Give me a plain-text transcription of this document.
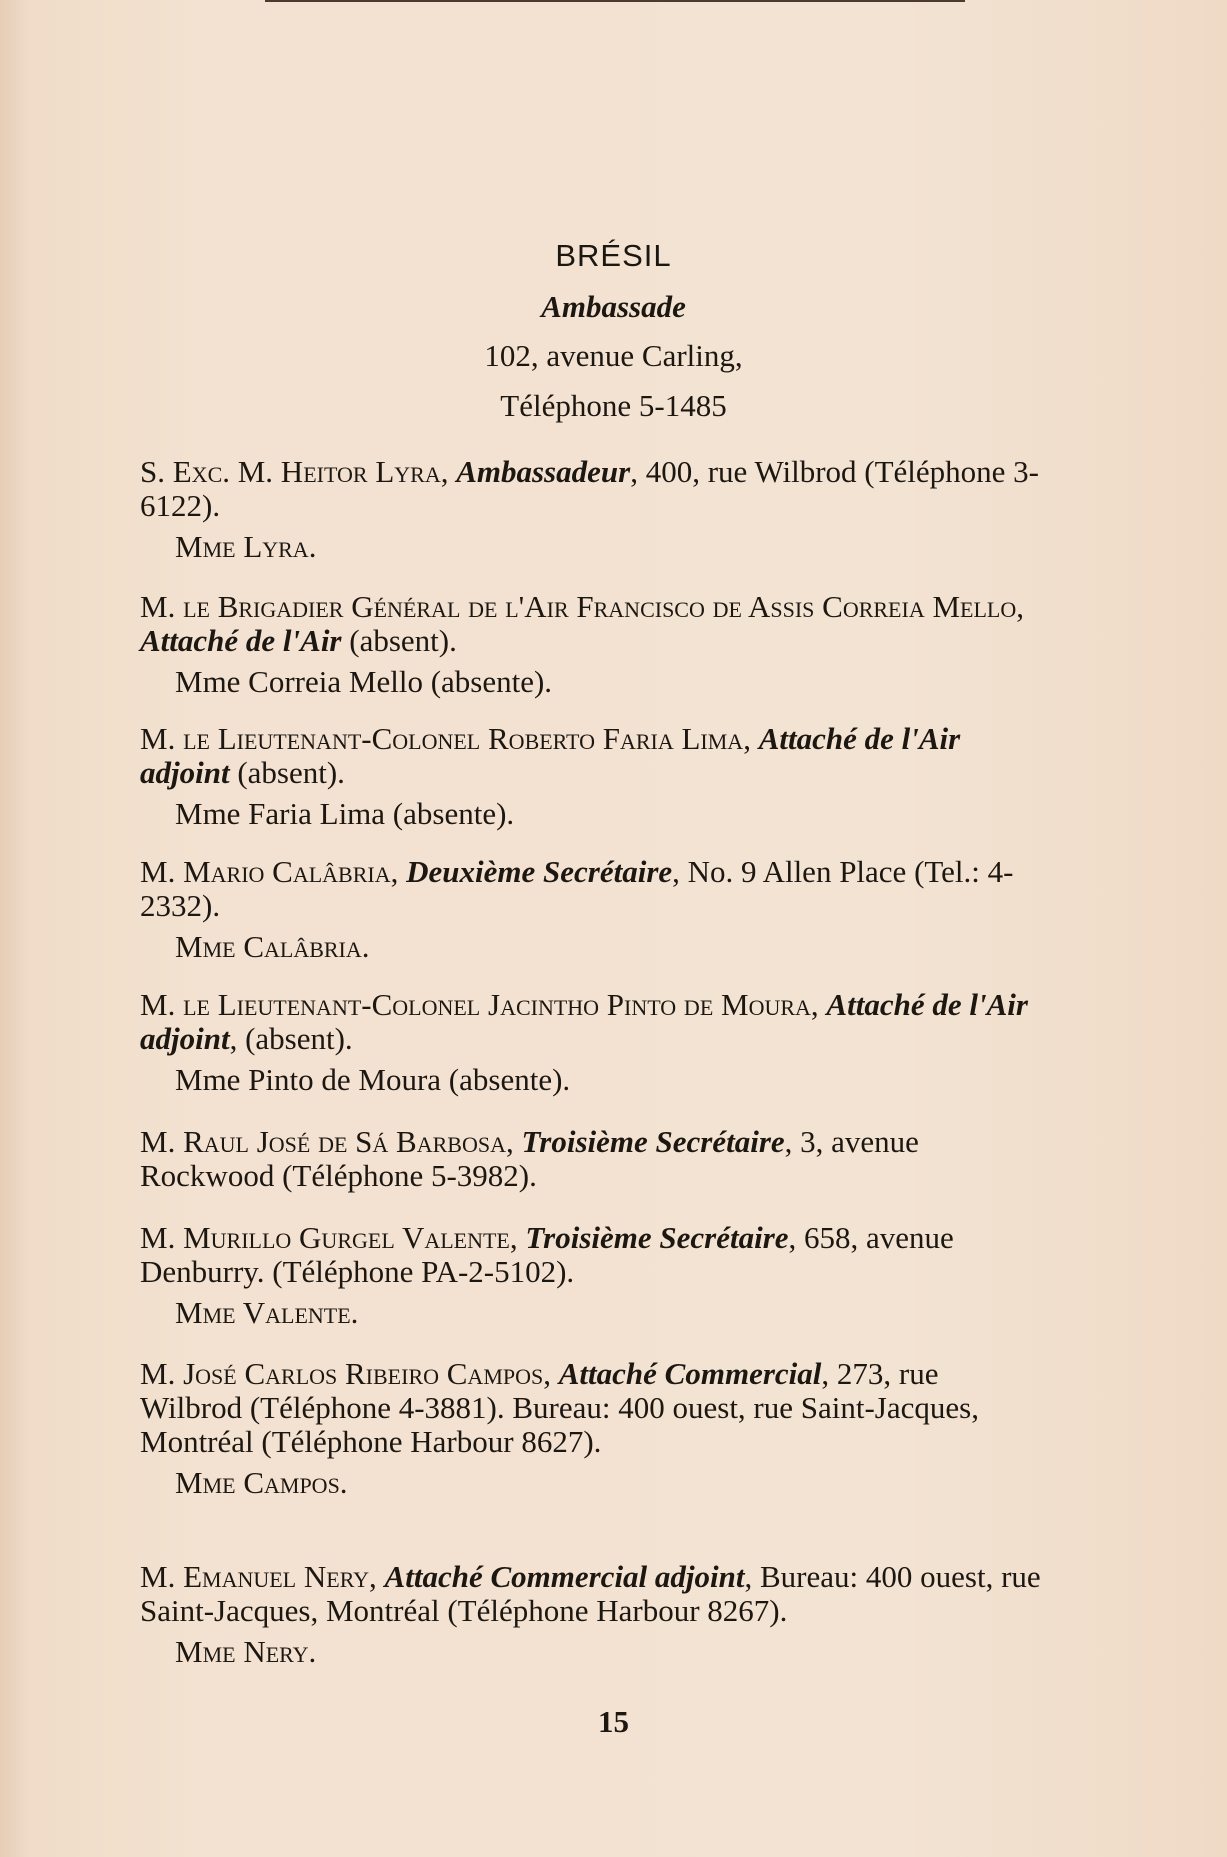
BRÉSIL
Ambassade
102, avenue Carling,
Téléphone 5-1485
S. Exc. M. Heitor Lyra, Ambassadeur, 400, rue Wilbrod (Téléphone 3-6122).
Mme Lyra.
M. le Brigadier Général de l'Air Francisco de Assis Correia Mello, Attaché de l'Air (absent).
Mme Correia Mello (absente).
M. le Lieutenant-Colonel Roberto Faria Lima, Attaché de l'Air adjoint (absent).
Mme Faria Lima (absente).
M. Mario Calâbria, Deuxième Secrétaire, No. 9 Allen Place (Tel.: 4-2332).
Mme Calâbria.
M. le Lieutenant-Colonel Jacintho Pinto de Moura, Attaché de l'Air adjoint, (absent).
Mme Pinto de Moura (absente).
M. Raul José de Sá Barbosa, Troisième Secrétaire, 3, avenue Rockwood (Téléphone 5-3982).
M. Murillo Gurgel Valente, Troisième Secrétaire, 658, avenue Denburry. (Téléphone PA-2-5102).
Mme Valente.
M. José Carlos Ribeiro Campos, Attaché Commercial, 273, rue Wilbrod (Téléphone 4-3881). Bureau: 400 ouest, rue Saint-Jacques, Montréal (Téléphone Harbour 8627).
Mme Campos.
M. Emanuel Nery, Attaché Commercial adjoint, Bureau: 400 ouest, rue Saint-Jacques, Montréal (Téléphone Harbour 8267).
Mme Nery.
15
